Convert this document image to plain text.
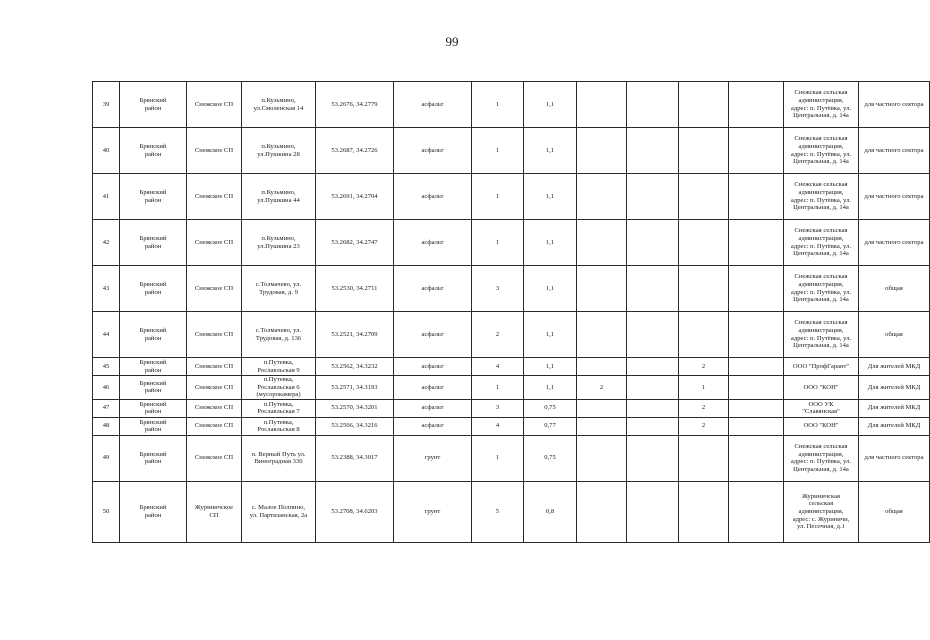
99
39	Брянский
район	Снежское СП	п.Кузьмино,
ул.Смоленская 14	53.2676, 34.2779	асфальт	1	1,1					Снежская сельская
администрация,
адрес: п. Путёвка, ул.
Центральная, д. 14а	для частного сектора
40	Брянский
район	Снежское СП	п.Кузьмино,
ул.Пушкина 28	53.2687, 34.2726	асфальт	1	1,1					Снежская сельская
администрация,
адрес: п. Путёвка, ул.
Центральная, д. 14а	для частного сектора
41	Брянский
район	Снежское СП	п.Кузьмино,
ул.Пушкина 44	53.2691, 34.2704	асфальт	1	1,1					Снежская сельская
администрация,
адрес: п. Путёвка, ул.
Центральная, д. 14а	для частного сектора
42	Брянский
район	Снежское СП	п.Кузьмино,
ул.Пушкина 23	53.2682, 34.2747	асфальт	1	1,1					Снежская сельская
администрация,
адрес: п. Путёвка, ул.
Центральная, д. 14а	для частного сектора
43	Брянский
район	Снежское СП	с.Толмачево, ул.
Трудовая, д. 9	53.2530, 34.2711	асфальт	3	1,1					Снежская сельская
администрация,
адрес: п. Путёвка, ул.
Центральная, д. 14а	общая
44	Брянский
район	Снежское СП	с.Толмачево, ул.
Трудовая, д. 136	53.2521, 34.2709	асфальт	2	1,1					Снежская сельская
администрация,
адрес: п. Путёвка, ул.
Центральная, д. 14а	общая
45	Брянский
район	Снежское СП	п.Путевка,
Рославльская 9	53.2562, 34.3232	асфальт	4	1,1			2		ООО "ПрофГарант"	Для жителей МКД
46	Брянский
район	Снежское СП	п.Путевка,
Рославльская 6
(мусорокамера)	53.2571, 34.3193	асфальт	1	1,1	2		1		ООО "КОН"	Для жителей МКД
47	Брянский
район	Снежское СП	п.Путевка,
Рославльская 7	53.2570, 34.3201	асфальт	3	0,75			2		ООО УК
"Славянская"	Для жителей МКД
48	Брянский
район	Снежское СП	п.Путевка,
Рославльская 8	53.2566, 34.3216	асфальт	4	0,77			2		ООО "КОН"	Для жителей МКД
49	Брянский
район	Снежское СП	п. Верный Путь ул.
Виноградная 330	53.2388, 34.3017	грунт	1	0,75					Снежская сельская
администрация,
адрес: п. Путёвка, ул.
Центральная, д. 14а	для частного сектора
50	Брянский
район	Журиничское
СП	с. Малое Полпино,
ул. Партизанская, 2а	53.2708, 34.6203	грунт	5	0,8					Журиничская
сельская
администрация,
адрес: с. Журиничи,
ул. Песочная, д.1	общая
